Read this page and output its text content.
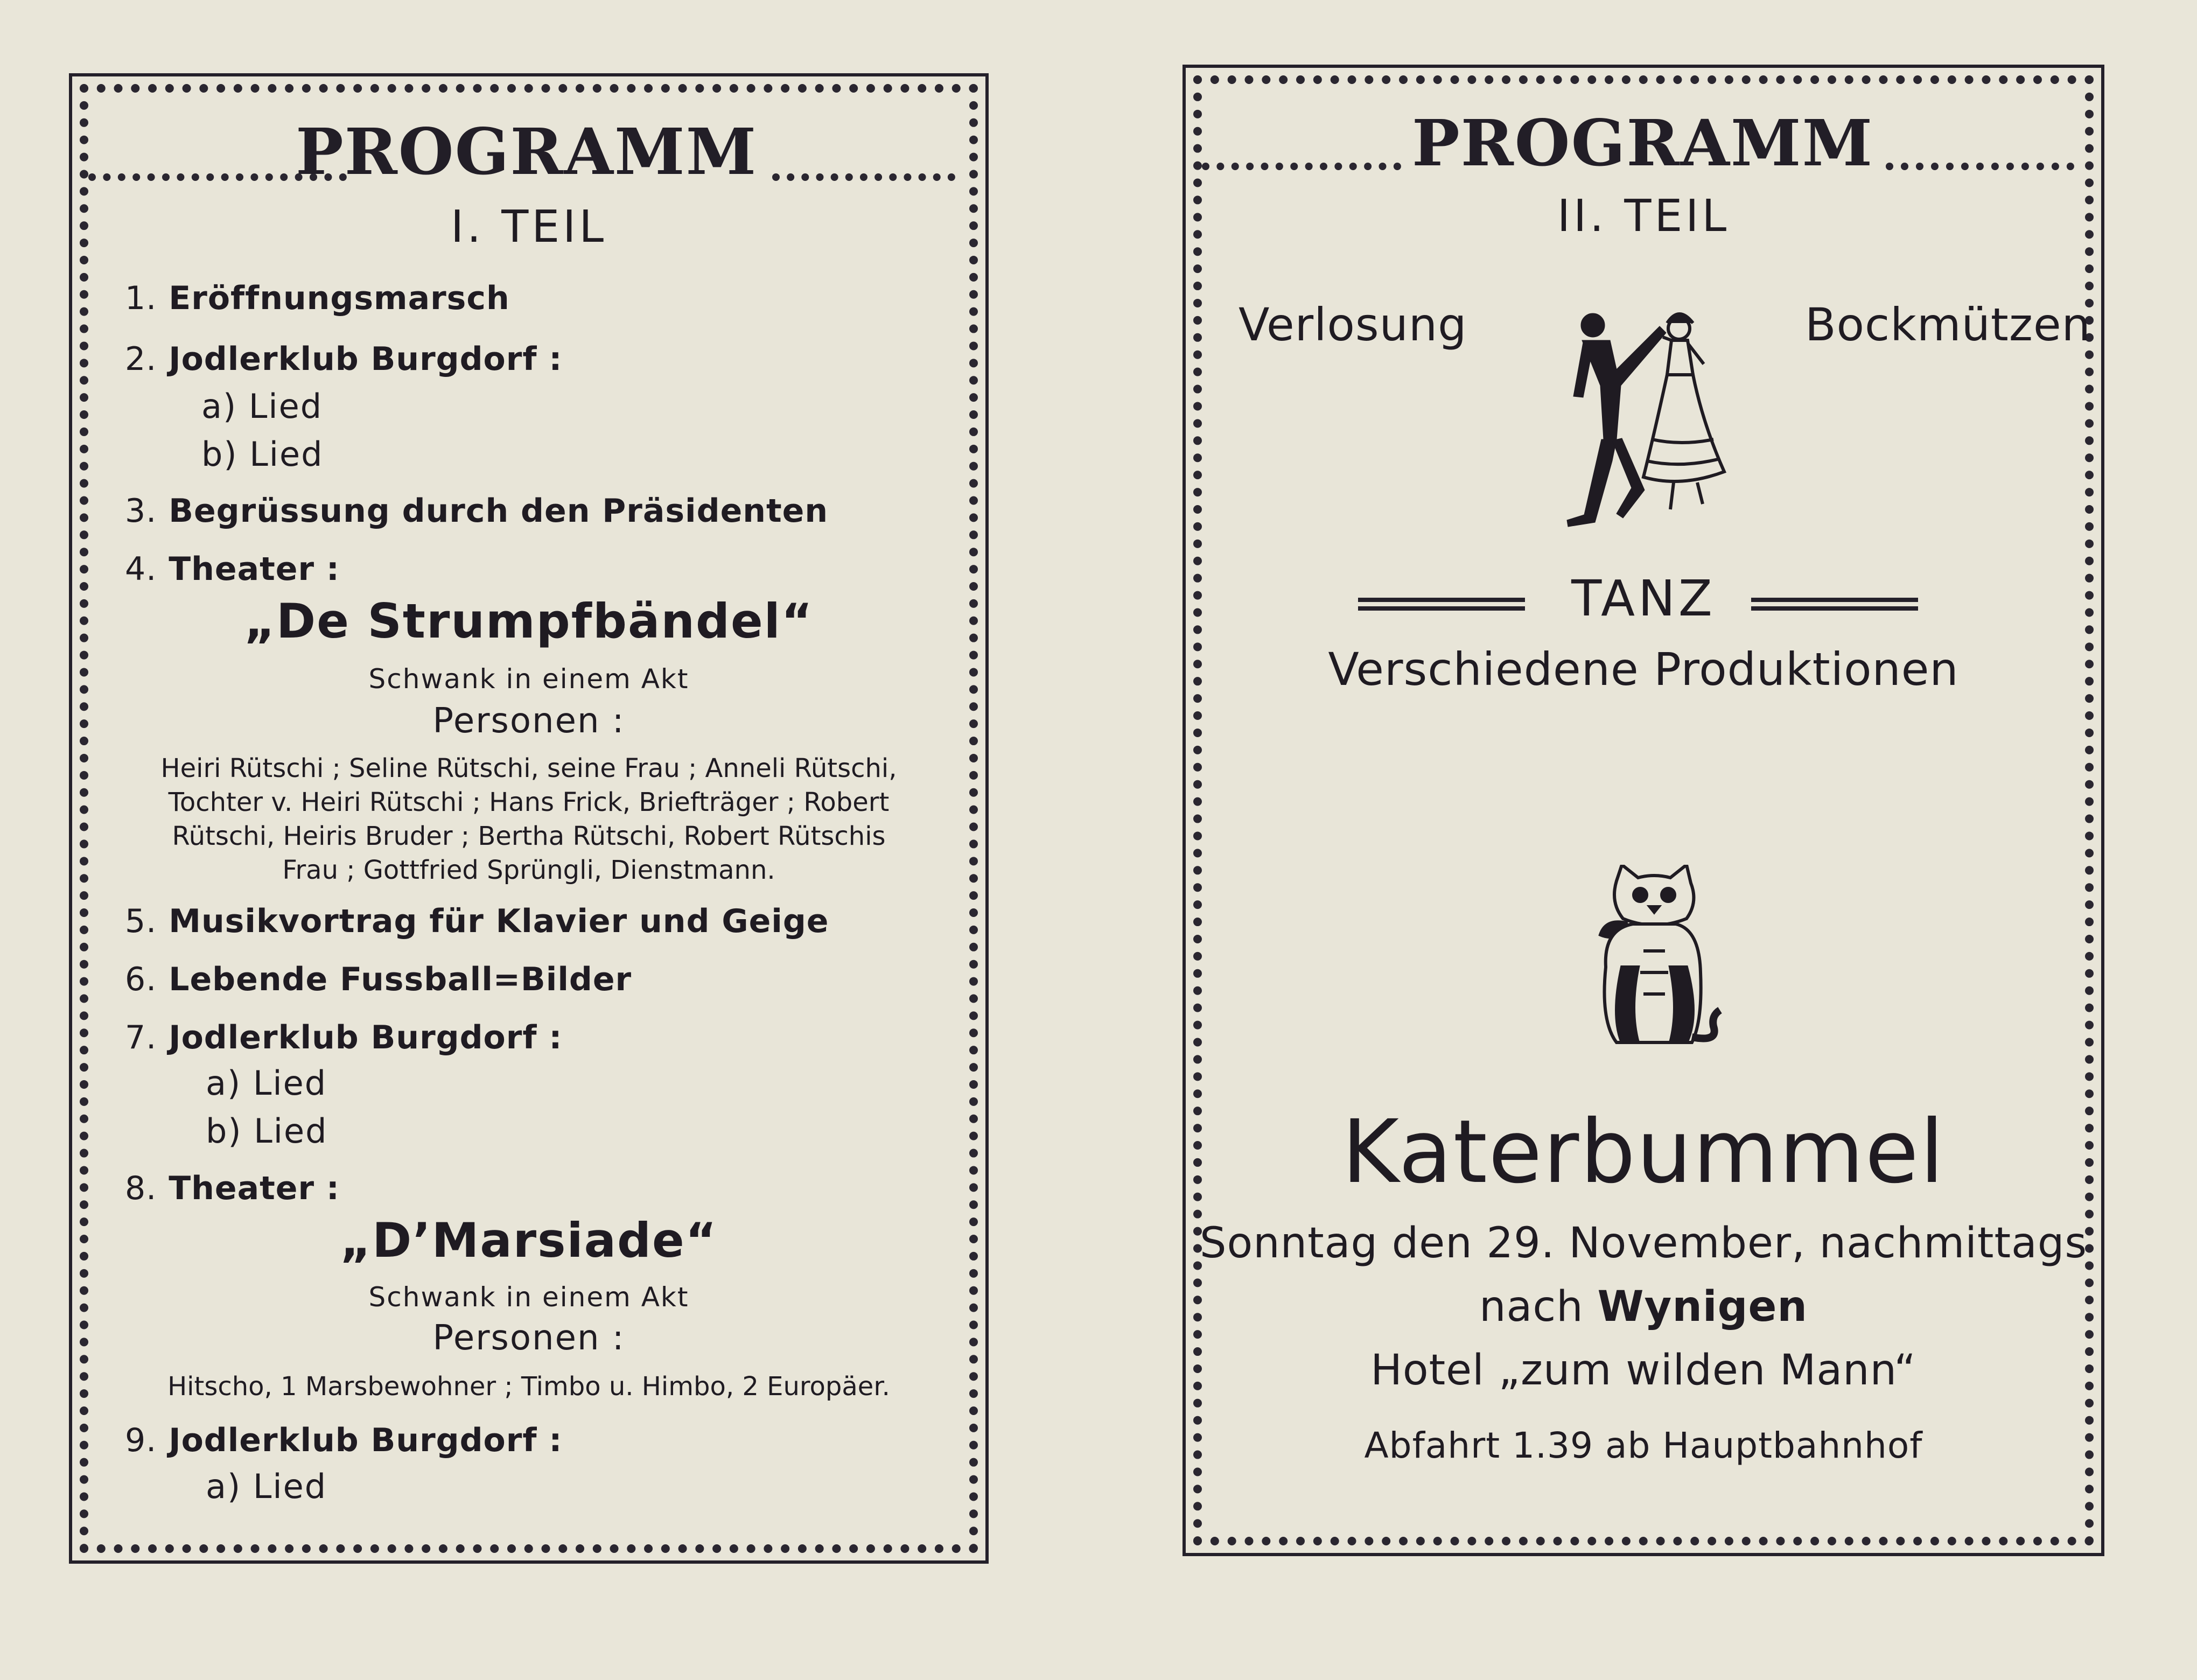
PROGRAMM
I. TEIL
1. Eröffnungsmarsch
2. Jodlerklub Burgdorf :
a) Lied
b) Lied
3. Begrüssung durch den Präsidenten
4. Theater :
„De Strumpfbändel“
Schwank in einem Akt
Personen :
Heiri Rütschi ; Seline Rütschi, seine Frau ; Anneli Rütschi,
Tochter v. Heiri Rütschi ; Hans Frick, Briefträger ; Robert
Rütschi, Heiris Bruder ; Bertha Rütschi, Robert Rütschis
Frau ; Gottfried Sprüngli, Dienstmann.
5. Musikvortrag für Klavier und Geige
6. Lebende Fussball=Bilder
7. Jodlerklub Burgdorf :
a) Lied
b) Lied
8. Theater :
„D’Marsiade“
Schwank in einem Akt
Personen :
Hitscho, 1 Marsbewohner ; Timbo u. Himbo, 2 Europäer.
9. Jodlerklub Burgdorf :
a) Lied
PROGRAMM
II. TEIL
Verlosung	Bockmützen
TANZ
Verschiedene Produktionen
Katerbummel
Sonntag den 29. November, nachmittags
nach Wynigen
Hotel „zum wilden Mann“
Abfahrt 1.39 ab Hauptbahnhof
